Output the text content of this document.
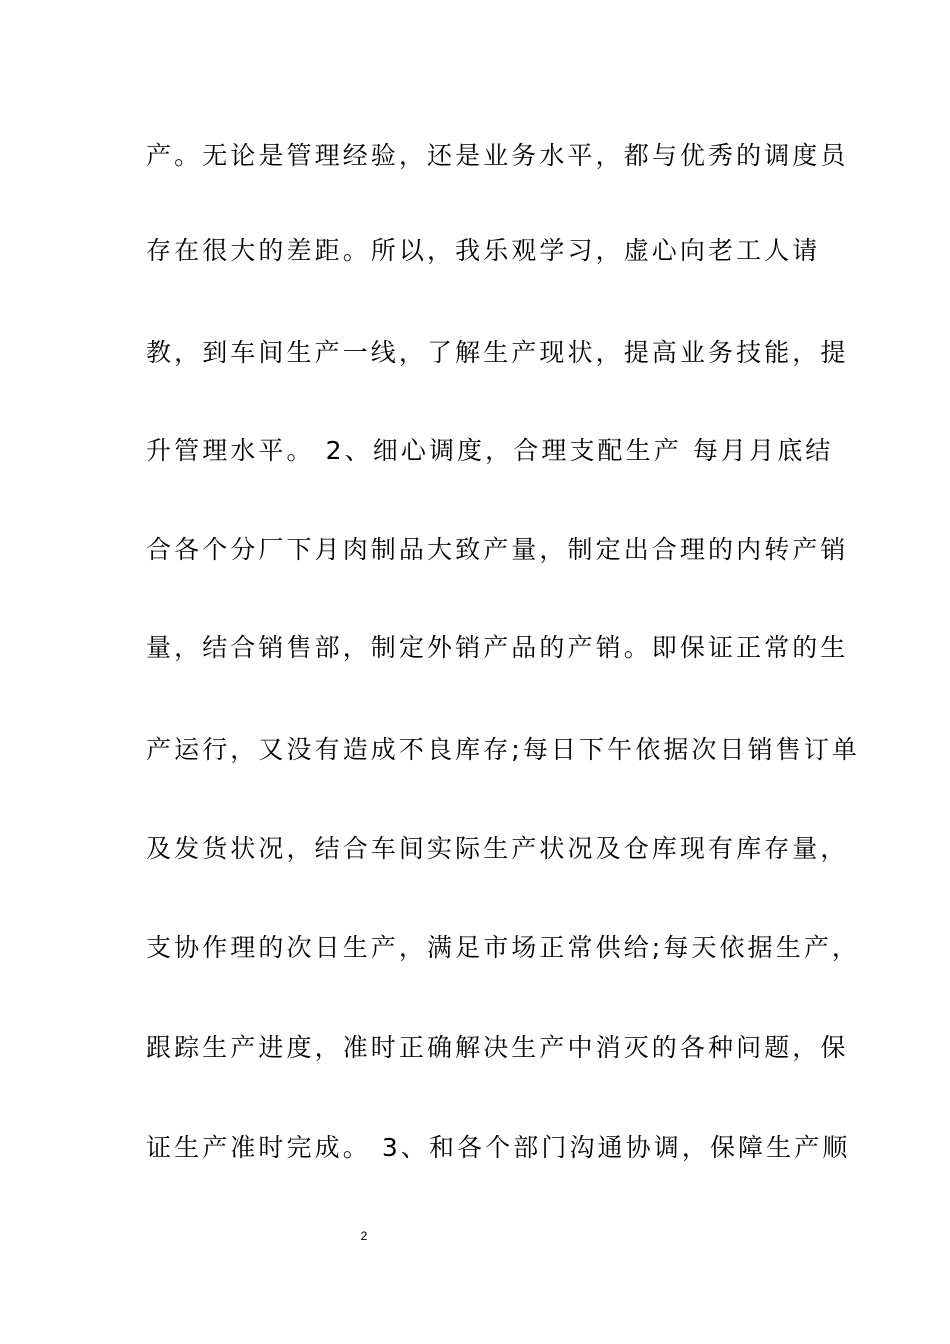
产。无论是管理经验，还是业务水平，都与优秀的调度员
存在很大的差距。所以，我乐观学习，虚心向老工人请
教，到车间生产一线，了解生产现状，提高业务技能，提
升管理水平。 2、细心调度，合理支配生产 每月月底结
合各个分厂下月肉制品大致产量，制定出合理的内转产销
量，结合销售部，制定外销产品的产销。即保证正常的生
产运行，又没有造成不良库存;每日下午依据次日销售订单
及发货状况，结合车间实际生产状况及仓库现有库存量，
支协作理的次日生产，满足市场正常供给;每天依据生产，
跟踪生产进度，准时正确解决生产中消灭的各种问题，保
证生产准时完成。 3、和各个部门沟通协调，保障生产顺
2
